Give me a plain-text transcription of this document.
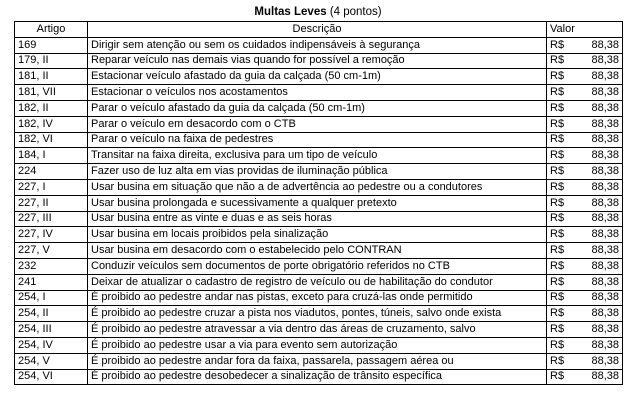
Multas Leves (4 pontos)
Artigo	Descrição	Valor
169	Dirigir sem atenção ou sem os cuidados indipensáveis à segurança	R$ 88,38

179, II	Reparar veículo nas demais vias quando for possível a remoção	R$ 88,38

181, II	Estacionar veículo afastado da guia da calçada (50 cm-1m)	R$ 88,38

181, VII	Estacionar o veículos nos acostamentos	R$ 88,38

182, II	Parar o veículo afastado da guia da calçada (50 cm-1m)	R$ 88,38

182, IV	Parar o veículo em desacordo com o CTB	R$ 88,38

182, VI	Parar o veículo na faixa de pedestres	R$ 88,38

184, I	Transitar na faixa direita, exclusiva para um tipo de veículo	R$ 88,38

224	Fazer uso de luz alta em vias providas de iluminação pública	R$ 88,38

227, I	Usar busina em situação que não a de advertência ao pedestre ou a condutores	R$ 88,38

227, II	Usar busina prolongada e sucessivamente a qualquer pretexto	R$ 88,38

227, III	Usar busina entre as vinte e duas e as seis horas	R$ 88,38

227, IV	Usar busina em locais proibidos pela sinalização	R$ 88,38

227, V	Usar busina em desacordo com o estabelecido pelo CONTRAN	R$ 88,38

232	Conduzir veículos sem documentos de porte obrigatório referidos no CTB	R$ 88,38

241	Deixar de atualizar o cadastro de registro de veículo ou de habilitação do condutor	R$ 88,38

254, I	É proibido ao pedestre andar nas pistas, exceto para cruzá-las onde permitido	R$ 88,38

254, II	É proibido ao pedestre cruzar a pista nos viadutos, pontes, túneis, salvo onde exista	R$ 88,38

254, III	É proibido ao pedestre atravessar a via dentro das áreas de cruzamento, salvo	R$ 88,38

254, IV	É proibido ao pedestre usar a via para evento sem autorização	R$ 88,38

254, V	É proibido ao pedestre andar fora da faixa, passarela, passagem aérea ou	R$ 88,38

254, VI	É proibido ao pedestre desobedecer a sinalização de trânsito específica	R$ 88,38
